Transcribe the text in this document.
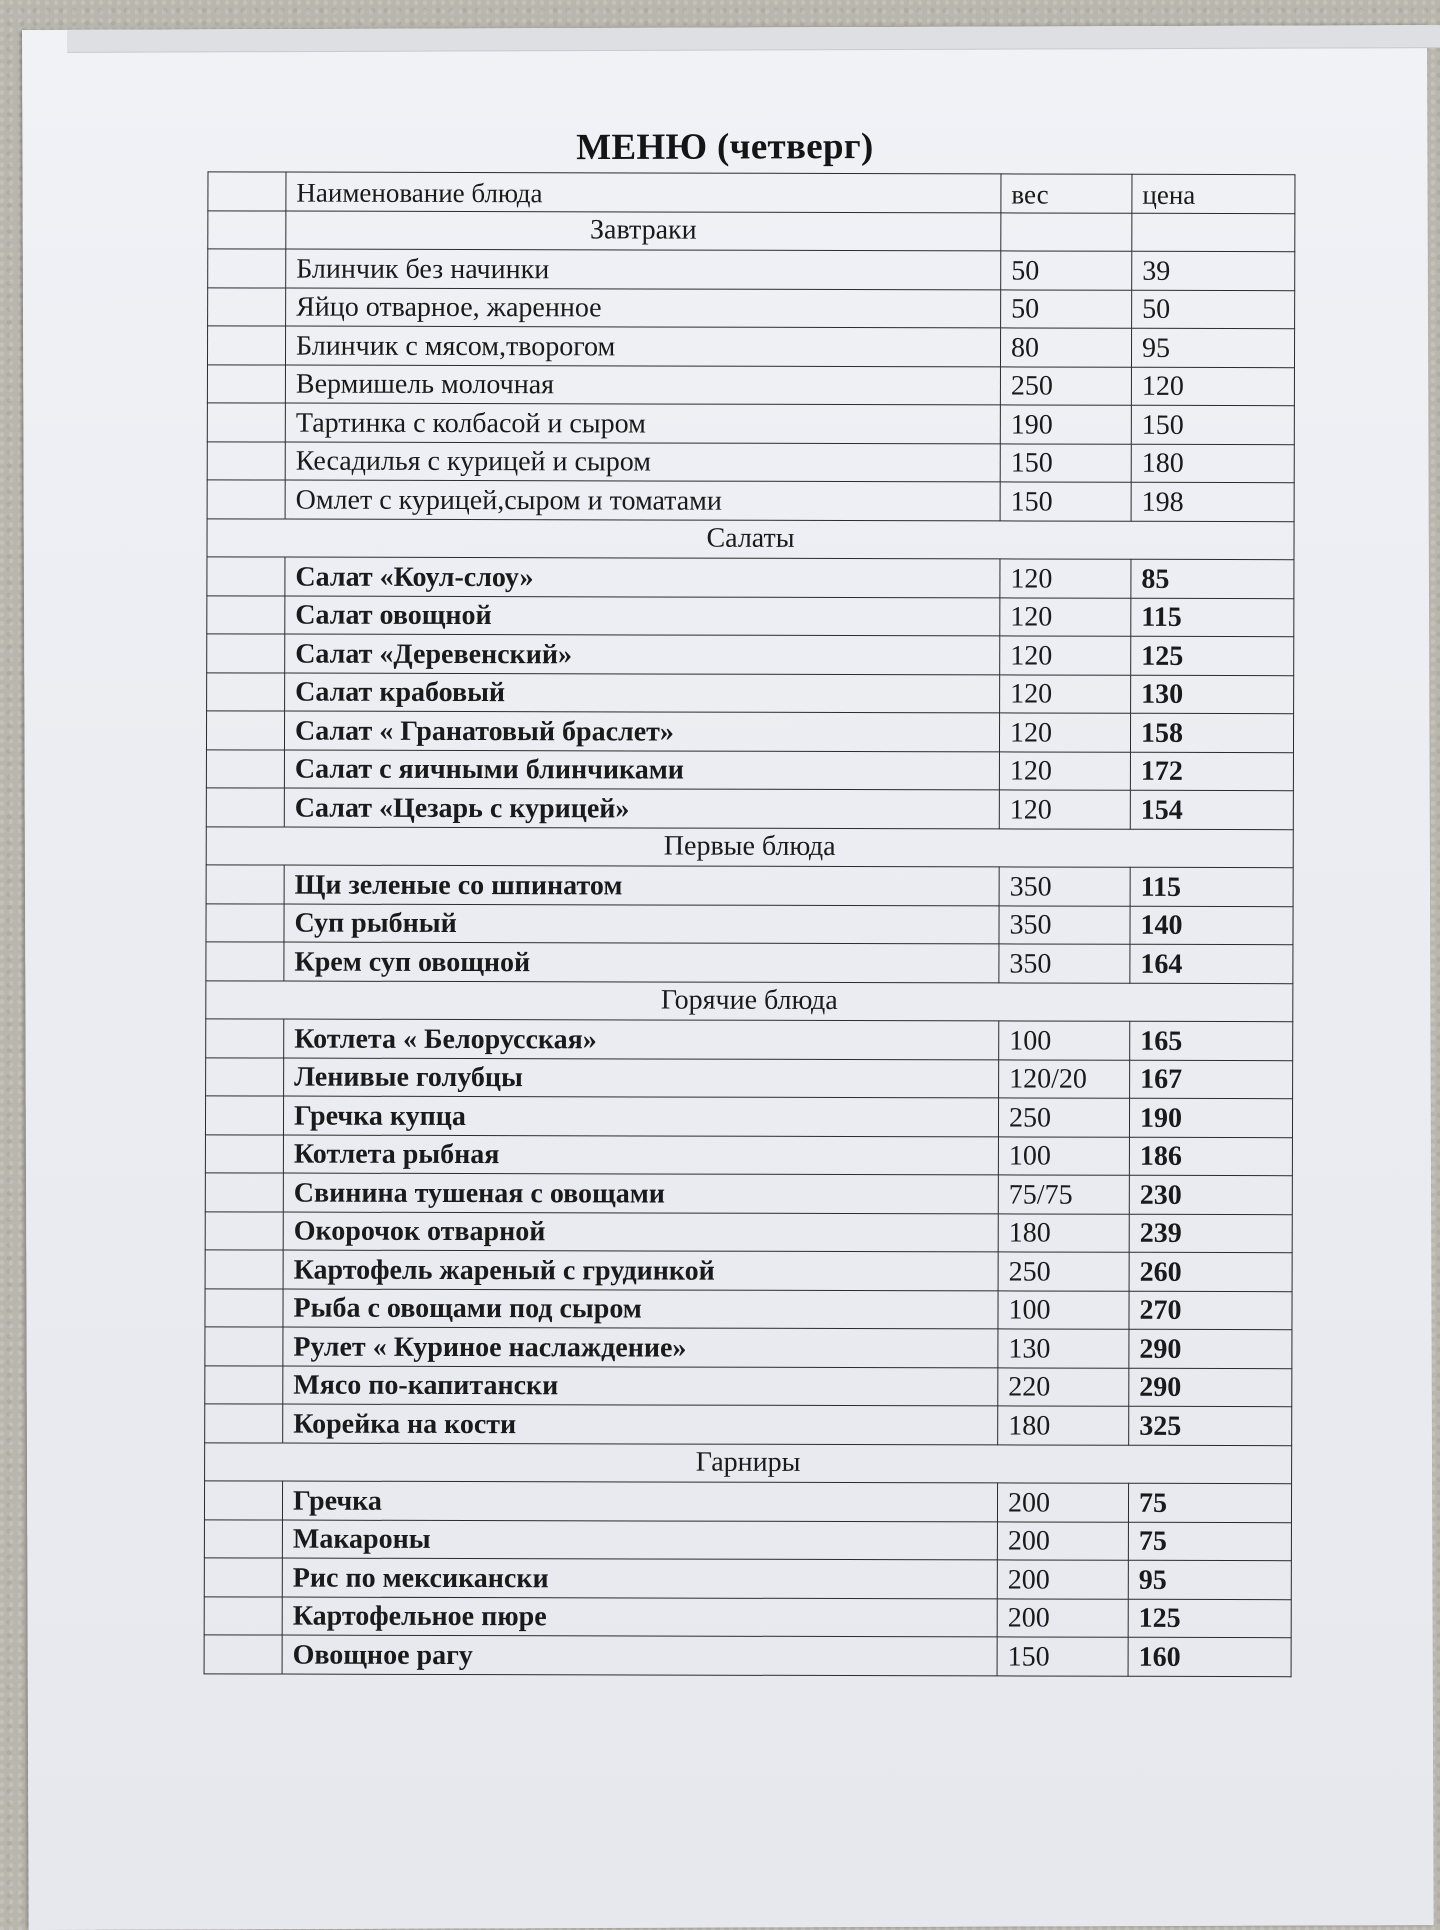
МЕНЮ (четверг)
	Наименование блюда	вес	цена
	Завтраки		
	Блинчик без начинки	50	39
	Яйцо отварное, жаренное	50	50
	Блинчик с мясом,творогом	80	95
	Вермишель молочная	250	120
	Тартинка с колбасой и сыром	190	150
	Кесадилья с курицей и сыром	150	180
	Омлет с курицей,сыром и томатами	150	198
Салаты			
	Салат «Коул-слоу»	120	85
	Салат овощной	120	115
	Салат «Деревенский»	120	125
	Салат крабовый	120	130
	Салат « Гранатовый браслет»	120	158
	Салат с яичными блинчиками	120	172
	Салат «Цезарь с курицей»	120	154
Первые блюда			
	Щи зеленые со шпинатом	350	115
	Суп рыбный	350	140
	Крем суп овощной	350	164
Горячие блюда			
	Котлета « Белорусская»	100	165
	Ленивые голубцы	120/20	167
	Гречка купца	250	190
	Котлета рыбная	100	186
	Свинина тушеная с овощами	75/75	230
	Окорочок отварной	180	239
	Картофель жареный с грудинкой	250	260
	Рыба с овощами под сыром	100	270
	Рулет « Куриное наслаждение»	130	290
	Мясо по-капитански	220	290
	Корейка на кости	180	325
Гарниры			
	Гречка	200	75
	Макароны	200	75
	Рис по мексикански	200	95
	Картофельное пюре	200	125
	Овощное рагу	150	160
